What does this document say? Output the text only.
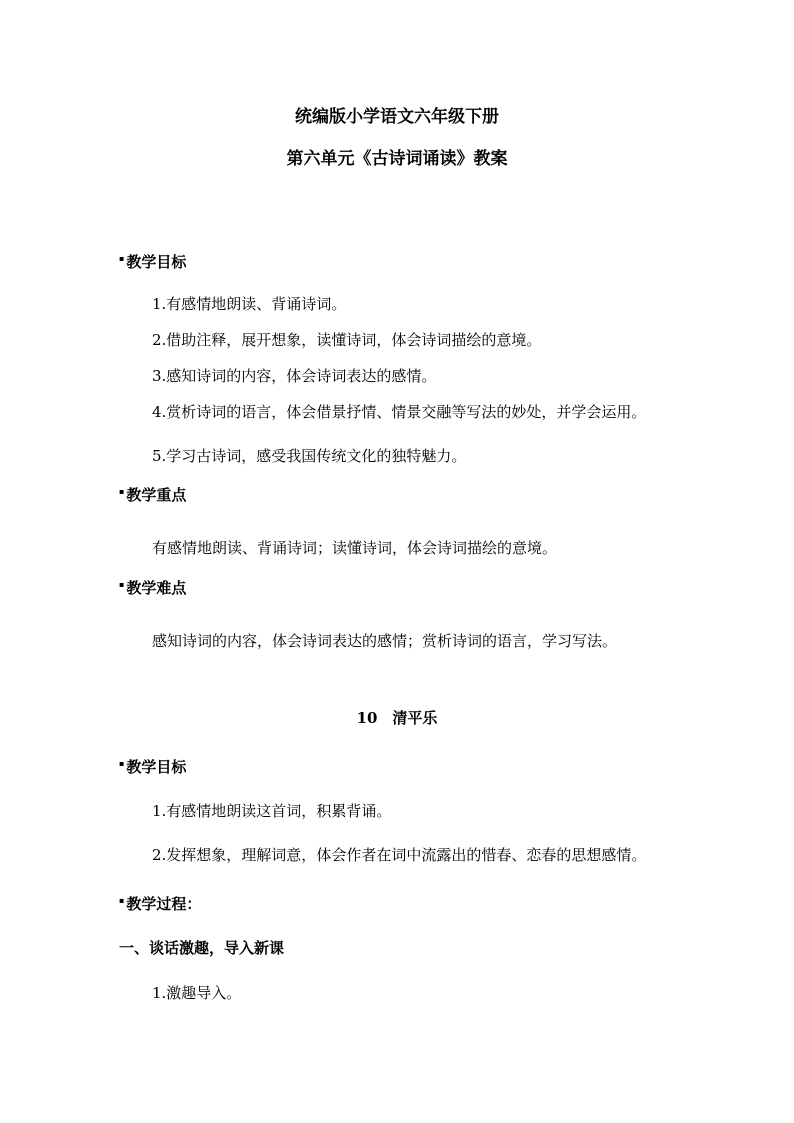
统编版小学语文六年级下册
第六单元《古诗词诵读》教案
▪ 教学目标
1.有感情地朗读、背诵诗词。
2.借助注释，展开想象，读懂诗词，体会诗词描绘的意境。
3.感知诗词的内容，体会诗词表达的感情。
4.赏析诗词的语言，体会借景抒情、情景交融等写法的妙处，并学会运用。
5.学习古诗词，感受我国传统文化的独特魅力。
▪ 教学重点
有感情地朗读、背诵诗词；读懂诗词，体会诗词描绘的意境。
▪ 教学难点
感知诗词的内容，体会诗词表达的感情；赏析诗词的语言，学习写法。
10　清平乐
▪ 教学目标
1.有感情地朗读这首词，积累背诵。
2.发挥想象，理解词意，体会作者在词中流露出的惜春、恋春的思想感情。
▪ 教学过程：
一、谈话激趣，导入新课
1.激趣导入。
